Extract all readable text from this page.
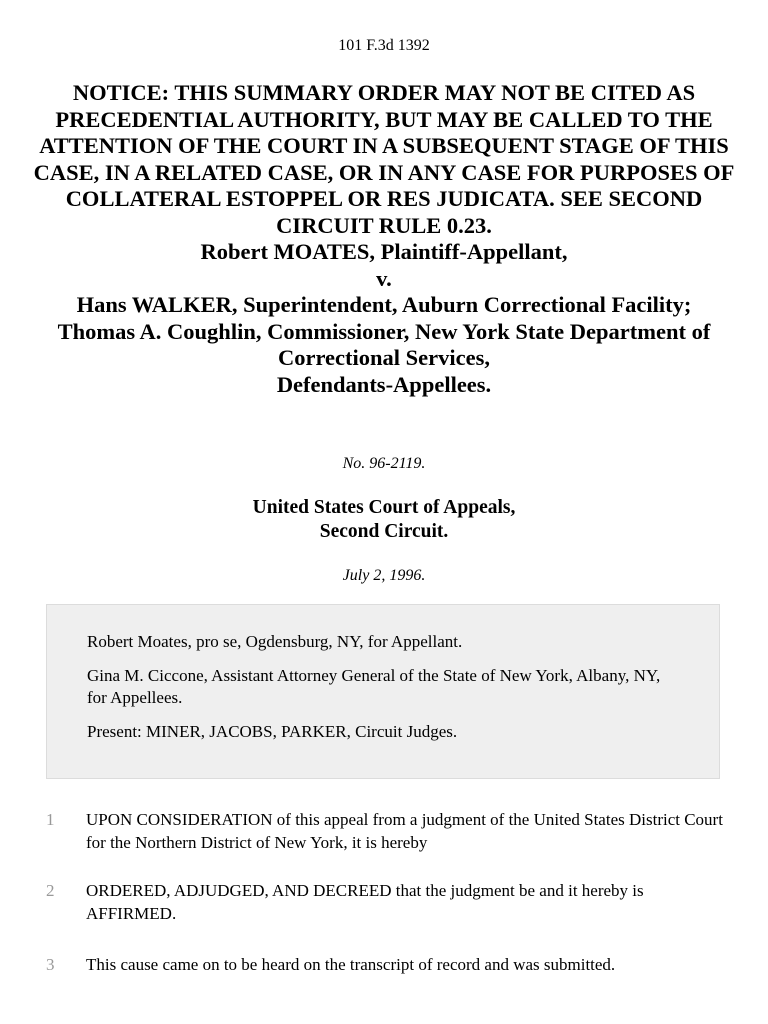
101 F.3d 1392
NOTICE: THIS SUMMARY ORDER MAY NOT BE CITED AS PRECEDENTIAL AUTHORITY, BUT MAY BE CALLED TO THE ATTENTION OF THE COURT IN A SUBSEQUENT STAGE OF THIS CASE, IN A RELATED CASE, OR IN ANY CASE FOR PURPOSES OF COLLATERAL ESTOPPEL OR RES JUDICATA. SEE SECOND CIRCUIT RULE 0.23.
Robert MOATES, Plaintiff-Appellant,
v.
Hans WALKER, Superintendent, Auburn Correctional Facility;
Thomas A. Coughlin, Commissioner, New York State Department of Correctional Services,
Defendants-Appellees.
No. 96-2119.
United States Court of Appeals,
Second Circuit.
July 2, 1996.

Robert Moates, pro se, Ogdensburg, NY, for Appellant.

Gina M. Ciccone, Assistant Attorney General of the State of New York, Albany, NY, for Appellees.

Present: MINER, JACOBS, PARKER, Circuit Judges.

1 UPON CONSIDERATION of this appeal from a judgment of the United States District Court for the Northern District of New York, it is hereby
2 ORDERED, ADJUDGED, AND DECREED that the judgment be and it hereby is AFFIRMED.
3 This cause came on to be heard on the transcript of record and was submitted.
